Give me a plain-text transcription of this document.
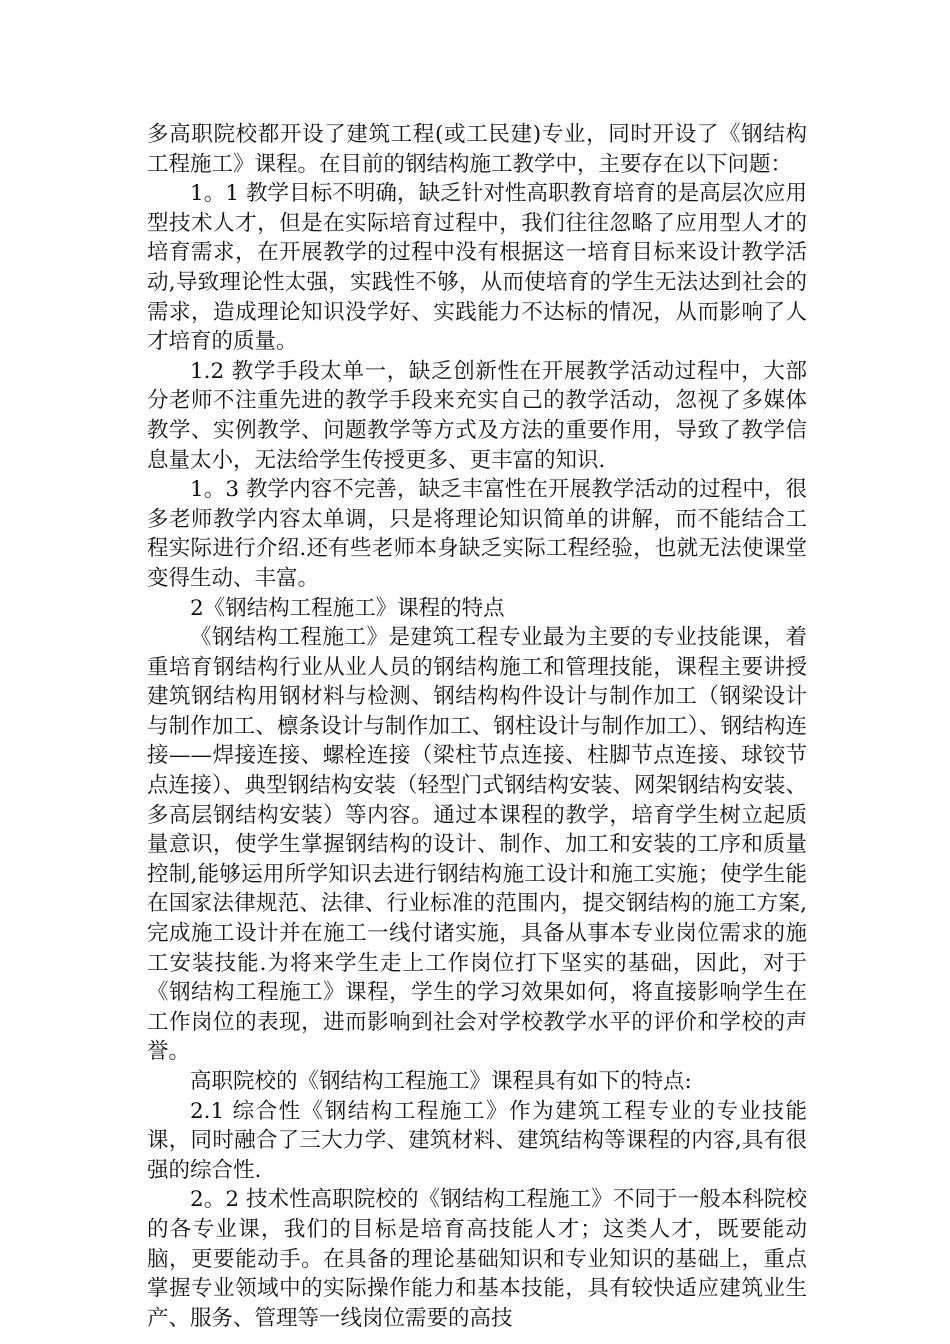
多高职院校都开设了建筑工程(或工民建)专业，同时开设了《钢结构工程施工》课程。在目前的钢结构施工教学中，主要存在以下问题：

1。1 教学目标不明确，缺乏针对性高职教育培育的是高层次应用型技术人才，但是在实际培育过程中，我们往往忽略了应用型人才的培育需求，在开展教学的过程中没有根据这一培育目标来设计教学活动,导致理论性太强，实践性不够，从而使培育的学生无法达到社会的需求，造成理论知识没学好、实践能力不达标的情况，从而影响了人才培育的质量。

1.2 教学手段太单一，缺乏创新性在开展教学活动过程中，大部分老师不注重先进的教学手段来充实自己的教学活动，忽视了多媒体教学、实例教学、问题教学等方式及方法的重要作用，导致了教学信息量太小，无法给学生传授更多、更丰富的知识.

1。3 教学内容不完善，缺乏丰富性在开展教学活动的过程中，很多老师教学内容太单调，只是将理论知识简单的讲解，而不能结合工程实际进行介绍.还有些老师本身缺乏实际工程经验，也就无法使课堂变得生动、丰富。

2《钢结构工程施工》课程的特点

《钢结构工程施工》是建筑工程专业最为主要的专业技能课，着重培育钢结构行业从业人员的钢结构施工和管理技能，课程主要讲授建筑钢结构用钢材料与检测、钢结构构件设计与制作加工（钢梁设计与制作加工、檩条设计与制作加工、钢柱设计与制作加工）、钢结构连接——焊接连接、螺栓连接（梁柱节点连接、柱脚节点连接、球铰节点连接）、典型钢结构安装（轻型门式钢结构安装、网架钢结构安装、多高层钢结构安装）等内容。通过本课程的教学，培育学生树立起质量意识，使学生掌握钢结构的设计、制作、加工和安装的工序和质量控制,能够运用所学知识去进行钢结构施工设计和施工实施；使学生能在国家法律规范、法律、行业标准的范围内，提交钢结构的施工方案,完成施工设计并在施工一线付诸实施，具备从事本专业岗位需求的施工安装技能.为将来学生走上工作岗位打下坚实的基础，因此，对于《钢结构工程施工》课程，学生的学习效果如何，将直接影响学生在工作岗位的表现，进而影响到社会对学校教学水平的评价和学校的声誉。

高职院校的《钢结构工程施工》课程具有如下的特点:

2.1 综合性《钢结构工程施工》作为建筑工程专业的专业技能课，同时融合了三大力学、建筑材料、建筑结构等课程的内容,具有很强的综合性.

2。2 技术性高职院校的《钢结构工程施工》不同于一般本科院校的各专业课，我们的目标是培育高技能人才；这类人才，既要能动脑，更要能动手。在具备的理论基础知识和专业知识的基础上，重点掌握专业领域中的实际操作能力和基本技能，具有较快适应建筑业生产、服务、管理等一线岗位需要的高技
